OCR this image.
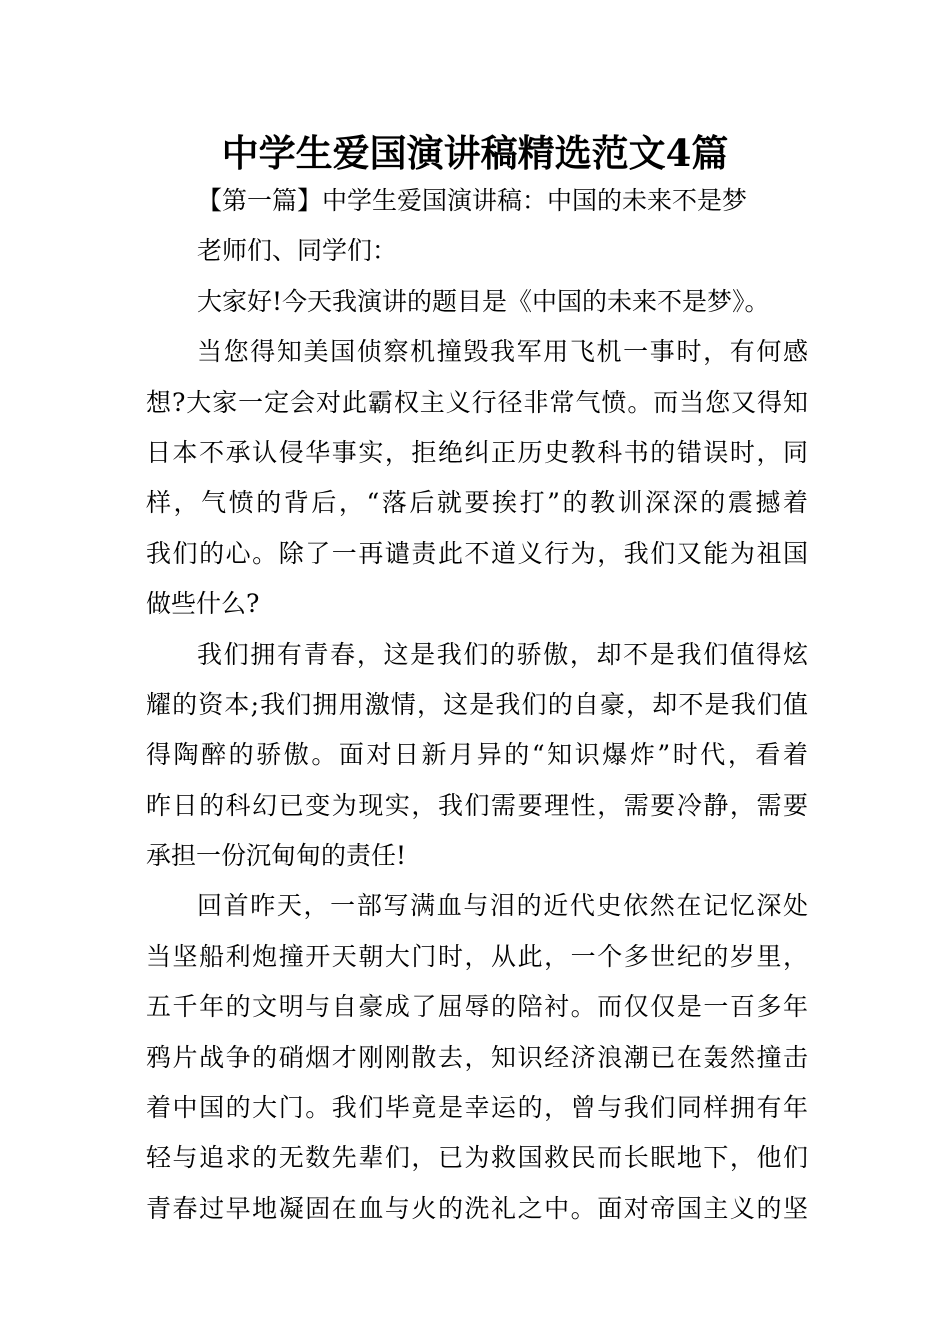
中学生爱国演讲稿精选范文4篇
【第一篇】中学生爱国演讲稿：中国的未来不是梦
老师们、同学们：
大家好!今天我演讲的题目是《中国的未来不是梦》。
当您得知美国侦察机撞毁我军用飞机一事时，有何感
想?大家一定会对此霸权主义行径非常气愤。而当您又得知
日本不承认侵华事实，拒绝纠正历史教科书的错误时，同
样，气愤的背后，“落后就要挨打”的教训深深的震撼着
我们的心。除了一再谴责此不道义行为，我们又能为祖国
做些什么?
我们拥有青春，这是我们的骄傲，却不是我们值得炫
耀的资本;我们拥用激情，这是我们的自豪，却不是我们值
得陶醉的骄傲。面对日新月异的“知识爆炸”时代，看着
昨日的科幻已变为现实，我们需要理性，需要冷静，需要
承担一份沉甸甸的责任!
回首昨天，一部写满血与泪的近代史依然在记忆深处
当坚船利炮撞开天朝大门时，从此，一个多世纪的岁里，
五千年的文明与自豪成了屈辱的陪衬。而仅仅是一百多年
鸦片战争的硝烟才刚刚散去，知识经济浪潮已在轰然撞击
着中国的大门。我们毕竟是幸运的，曾与我们同样拥有年
轻与追求的无数先辈们，已为救国救民而长眠地下，他们
青春过早地凝固在血与火的洗礼之中。面对帝国主义的坚
